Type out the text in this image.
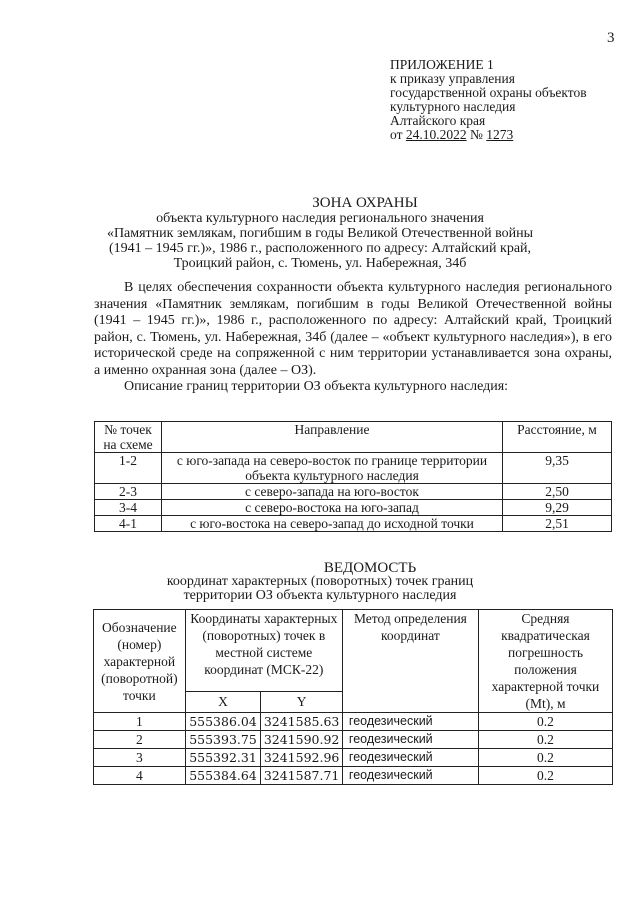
3
ПРИЛОЖЕНИЕ 1
к приказу управления
государственной охраны объектов
культурного наследия
Алтайского края
от 24.10.2022 № 1273
ЗОНА ОХРАНЫ
объекта культурного наследия регионального значения
«Памятник землякам, погибшим в годы Великой Отечественной войны
(1941 – 1945 гг.)», 1986 г., расположенного по адресу: Алтайский край,
Троицкий район, с. Тюмень, ул. Набережная, 34б

В целях обеспечения сохранности объекта культурного наследия регионального значения «Памятник землякам, погибшим в годы Великой Отечественной войны (1941 – 1945 гг.)», 1986 г., расположенного по адресу: Алтайский край, Троицкий район, с. Тюмень, ул. Набережная, 34б (далее – «объект культурного наследия»), в его исторической среде на сопряженной с ним территории устанавливается зона охраны, а именно охранная зона (далее – ОЗ).

Описание границ территории ОЗ объекта культурного наследия:

№ точек на схеме	Направление	Расстояние, м
1-2	с юго-запада на северо-восток по границе территории объекта культурного наследия	9,35
2-3	с северо-запада на юго-восток	2,50
3-4	с северо-востока на юго-запад	9,29
4-1	с юго-востока на северо-запад до исходной точки	2,51
ВЕДОМОСТЬ
координат характерных (поворотных) точек границ
территории ОЗ объекта культурного наследия
Обозначение (номер) характерной (поворотной) точки	Координаты характерных (поворотных) точек в местной системе координат (МСК-22)		Метод определения координат	Средняя квадратическая погрешность положения характерной точки (Mt), м
	X	Y		
1	555386.04	3241585.63	геодезический	0.2
2	555393.75	3241590.92	геодезический	0.2
3	555392.31	3241592.96	геодезический	0.2
4	555384.64	3241587.71	геодезический	0.2
